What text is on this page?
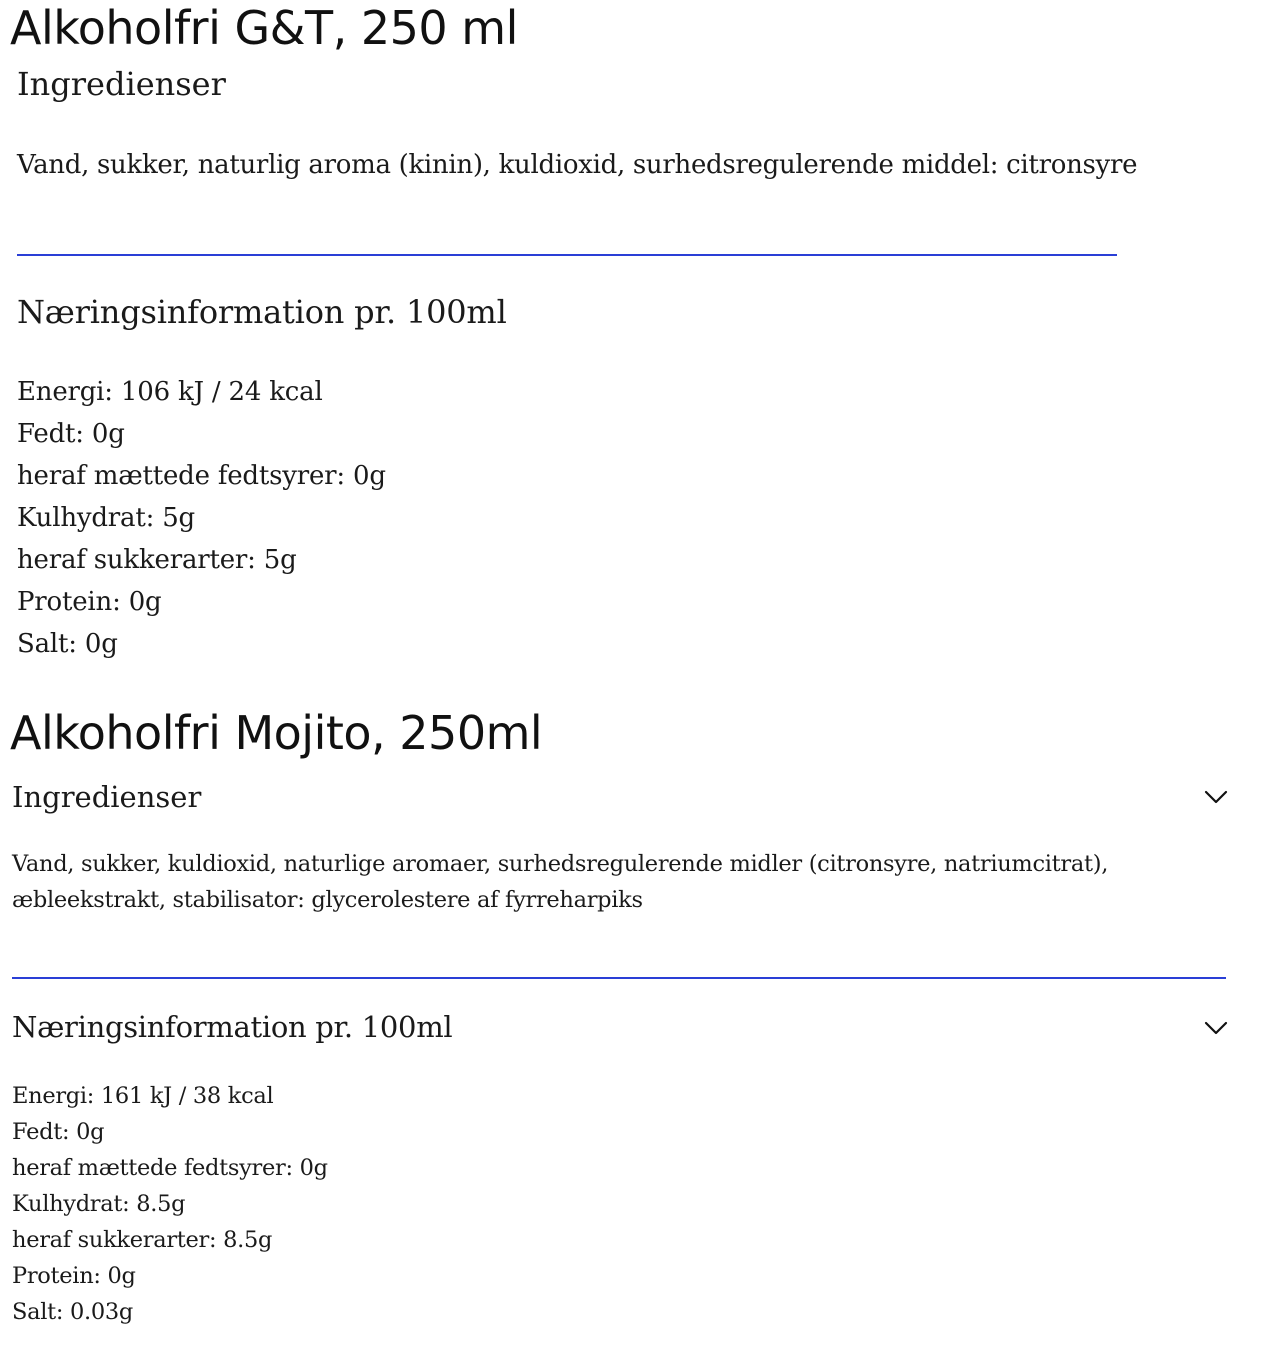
Alkoholfri G&T, 250 ml
Ingredienser

Vand, sukker, naturlig aroma (kinin), kuldioxid, surhedsregulerende middel: citronsyre

Næringsinformation pr. 100ml
Energi: 106 kJ / 24 kcal
Fedt: 0g
heraf mættede fedtsyrer: 0g
Kulhydrat: 5g
heraf sukkerarter: 5g
Protein: 0g
Salt: 0g
Alkoholfri Mojito, 250ml
Ingredienser

Vand, sukker, kuldioxid, naturlige aromaer, surhedsregulerende midler (citronsyre, natriumcitrat), æbleekstrakt, stabilisator: glycerolestere af fyrreharpiks

Næringsinformation pr. 100ml
Energi: 161 kJ / 38 kcal
Fedt: 0g
heraf mættede fedtsyrer: 0g
Kulhydrat: 8.5g
heraf sukkerarter: 8.5g
Protein: 0g
Salt: 0.03g
